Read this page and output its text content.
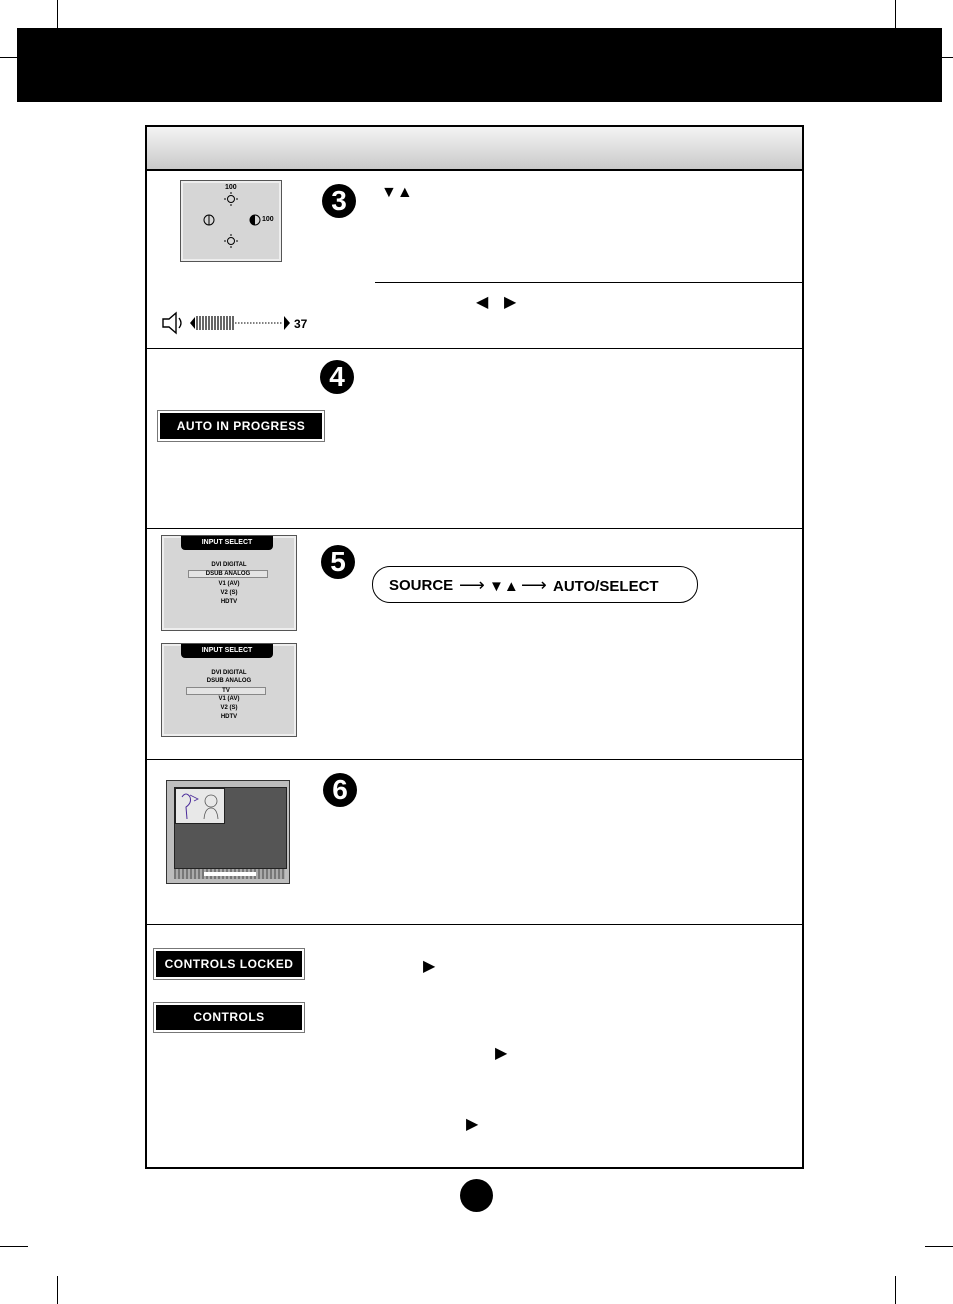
100
100
3	▼▲
◀ ▶
37
4
AUTO IN PROGRESS
INPUT SELECT
DVI DIGITAL
DSUB ANALOG
V1 (AV)
V2 (S)
HDTV
INPUT SELECT
DVI DIGITAL
DSUB ANALOG
TV
V1 (AV)
V2 (S)
HDTV
5
SOURCE ⟶ ▼▲ ⟶ AUTO/SELECT
6
CONTROLS LOCKED
CONTROLS UNLOCKED
▶
▶
▶
